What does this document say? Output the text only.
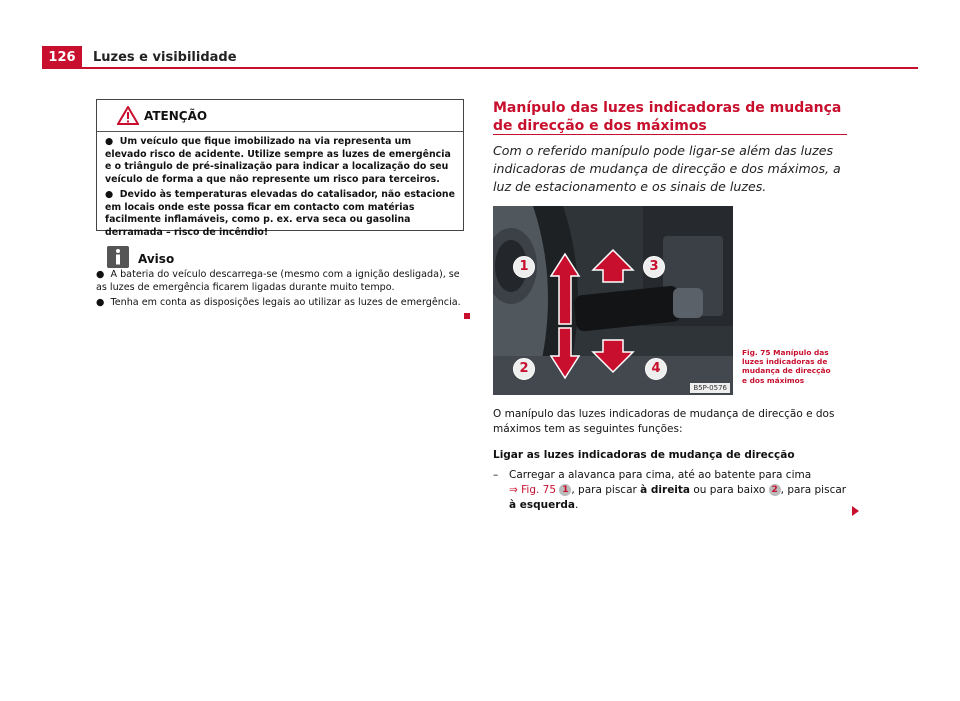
126	Luzes e visibilidade
ATENÇÃO

●  Um veículo que fique imobilizado na via representa um elevado risco de acidente. Utilize sempre as luzes de emergência e o triângulo de pré-sinalização para indicar a localização do seu veículo de forma a que não represente um risco para terceiros.

●  Devido às temperaturas elevadas do catalisador, não estacione em locais onde este possa ficar em contacto com matérias facilmente inflamáveis, como p. ex. erva seca ou gasolina derramada – risco de incêndio!

Aviso

●  A bateria do veículo descarrega-se (mesmo com a ignição desligada), se as luzes de emergência ficarem ligadas durante muito tempo.

●  Tenha em conta as disposições legais ao utilizar as luzes de emergência.

Manípulo das luzes indicadoras de mudança de direcção e dos máximos
Com o referido manípulo pode ligar-se além das luzes indicadoras de mudança de direcção e dos máximos, a luz de estacionamento e os sinais de luzes.
1
2
3
4
B5P-0576
Fig. 75 Manípulo das luzes indicadoras de mudança de direcção e dos máximos
O manípulo das luzes indicadoras de mudança de direcção e dos máximos tem as seguintes funções:
Ligar as luzes indicadoras de mudança de direcção
– Carregar a alavanca para cima, até ao batente para cima
⇒ Fig. 75 1 , para piscar à direita ou para baixo 2 , para piscar
à esquerda.
